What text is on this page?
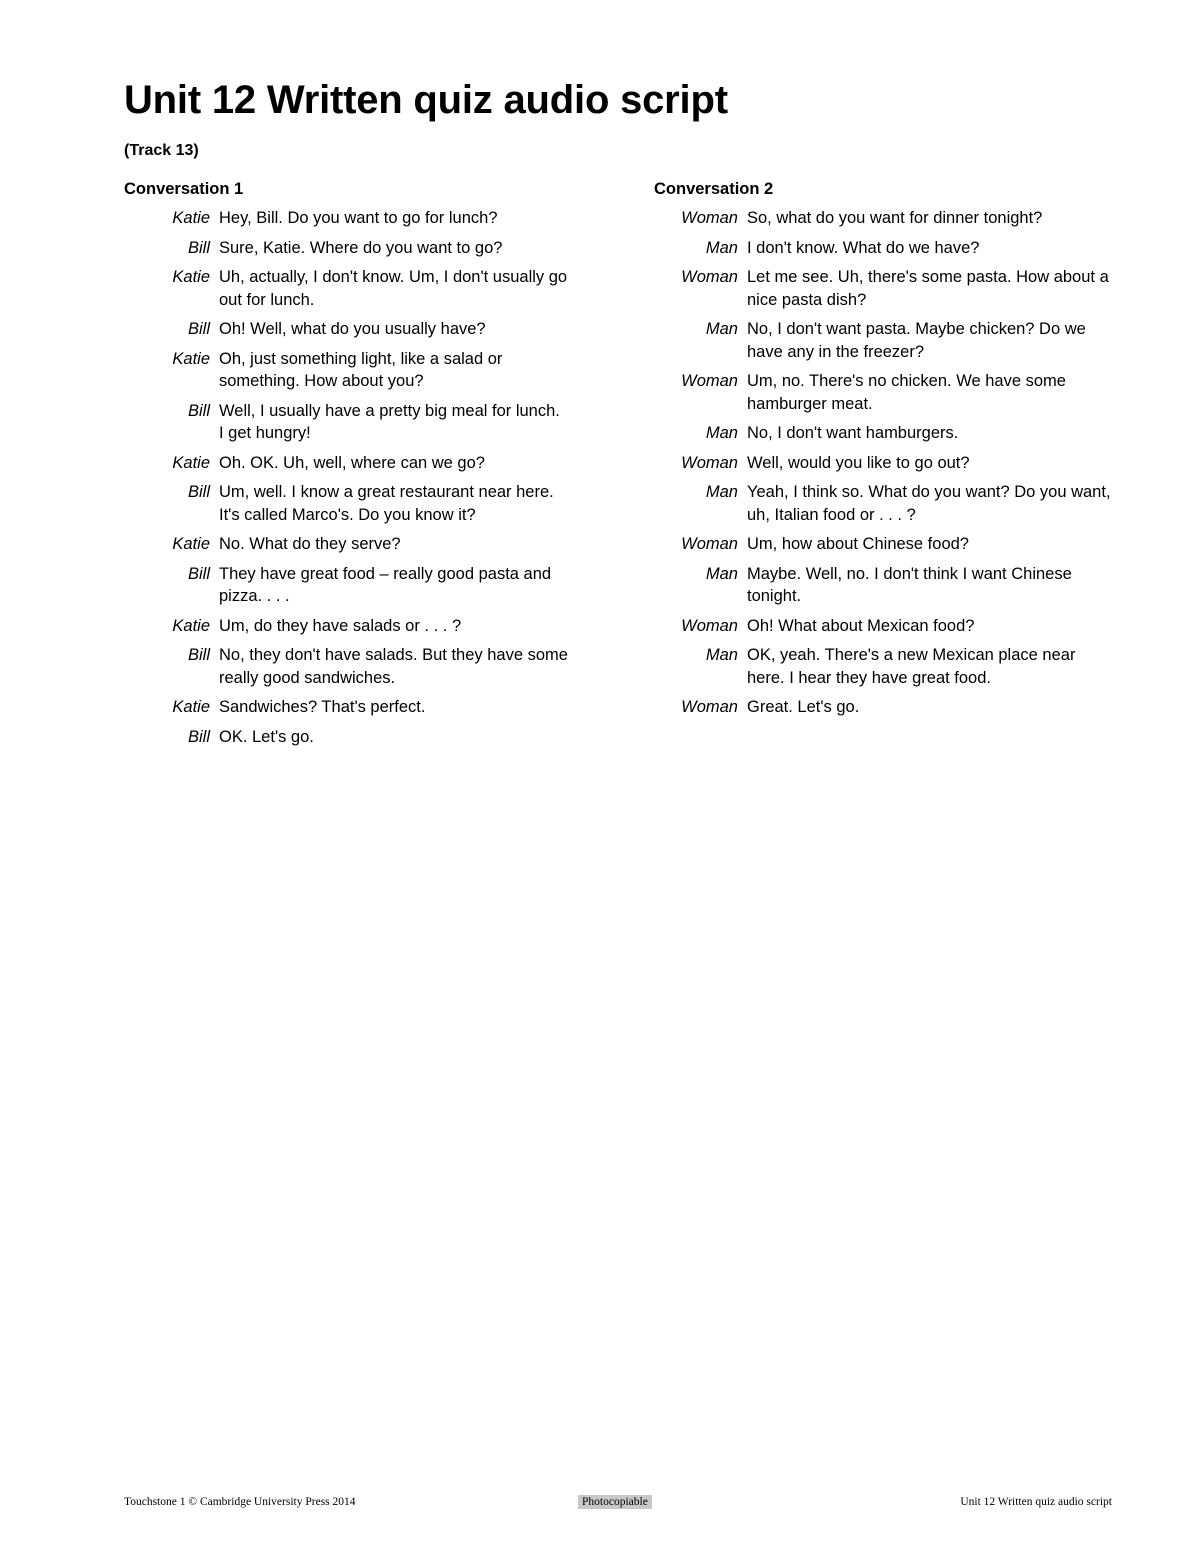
Unit 12 Written quiz audio script
(Track 13)
Conversation 1
Katie Hey, Bill. Do you want to go for lunch?
Bill Sure, Katie. Where do you want to go?
Katie Uh, actually, I don't know. Um, I don't usually go out for lunch.
Bill Oh! Well, what do you usually have?
Katie Oh, just something light, like a salad or something. How about you?
Bill Well, I usually have a pretty big meal for lunch. I get hungry!
Katie Oh. OK. Uh, well, where can we go?
Bill Um, well. I know a great restaurant near here. It's called Marco's. Do you know it?
Katie No. What do they serve?
Bill They have great food – really good pasta and pizza. . . .
Katie Um, do they have salads or . . . ?
Bill No, they don't have salads. But they have some really good sandwiches.
Katie Sandwiches? That's perfect.
Bill OK. Let's go.
Conversation 2
Woman So, what do you want for dinner tonight?
Man I don't know. What do we have?
Woman Let me see. Uh, there's some pasta. How about a nice pasta dish?
Man No, I don't want pasta. Maybe chicken? Do we have any in the freezer?
Woman Um, no. There's no chicken. We have some hamburger meat.
Man No, I don't want hamburgers.
Woman Well, would you like to go out?
Man Yeah, I think so. What do you want? Do you want, uh, Italian food or . . . ?
Woman Um, how about Chinese food?
Man Maybe. Well, no. I don't think I want Chinese tonight.
Woman Oh! What about Mexican food?
Man OK, yeah. There's a new Mexican place near here. I hear they have great food.
Woman Great. Let's go.
Touchstone 1 © Cambridge University Press 2014	Photocopiable	Unit 12 Written quiz audio script
